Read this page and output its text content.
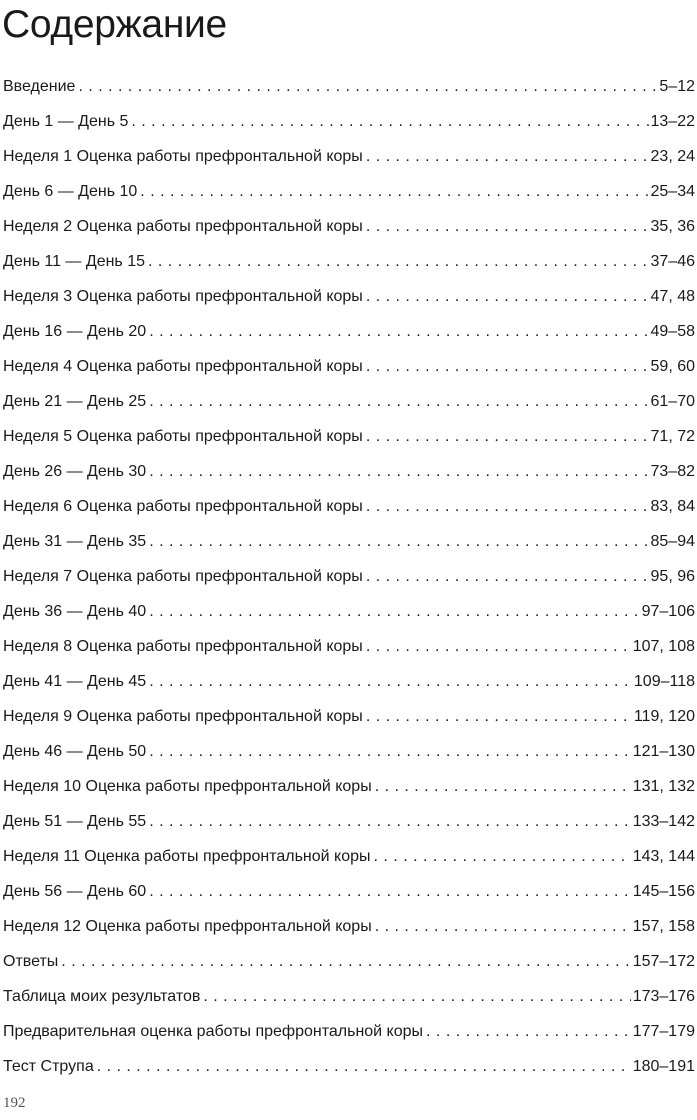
Содержание
Введение . . .	5–12
День 1 — День 5 . . .	13–22
Неделя 1 Оценка работы префронтальной коры . . .	23, 24
День 6 — День 10 . . .	25–34
Неделя 2 Оценка работы префронтальной коры . . .	35, 36
День 11 — День 15 . . .	37–46
Неделя 3 Оценка работы префронтальной коры . . .	47, 48
День 16 — День 20 . . .	49–58
Неделя 4 Оценка работы префронтальной коры . . .	59, 60
День 21 — День 25 . . .	61–70
Неделя 5 Оценка работы префронтальной коры . . .	71, 72
День 26 — День 30 . . .	73–82
Неделя 6 Оценка работы префронтальной коры . . .	83, 84
День 31 — День 35 . . .	85–94
Неделя 7 Оценка работы префронтальной коры . . .	95, 96
День 36 — День 40 . . .	97–106
Неделя 8 Оценка работы префронтальной коры . . .	107, 108
День 41 — День 45 . . .	109–118
Неделя 9 Оценка работы префронтальной коры . . .	119, 120
День 46 — День 50 . . .	121–130
Неделя 10 Оценка работы префронтальной коры . . .	131, 132
День 51 — День 55 . . .	133–142
Неделя 11 Оценка работы префронтальной коры . . .	143, 144
День 56 — День 60 . . .	145–156
Неделя 12 Оценка работы префронтальной коры . . .	157, 158
Ответы . . .	157–172
Таблица моих результатов . . .	173–176
Предварительная оценка работы префронтальной коры . . .	177–179
Тест Струпа . . .	180–191
192
